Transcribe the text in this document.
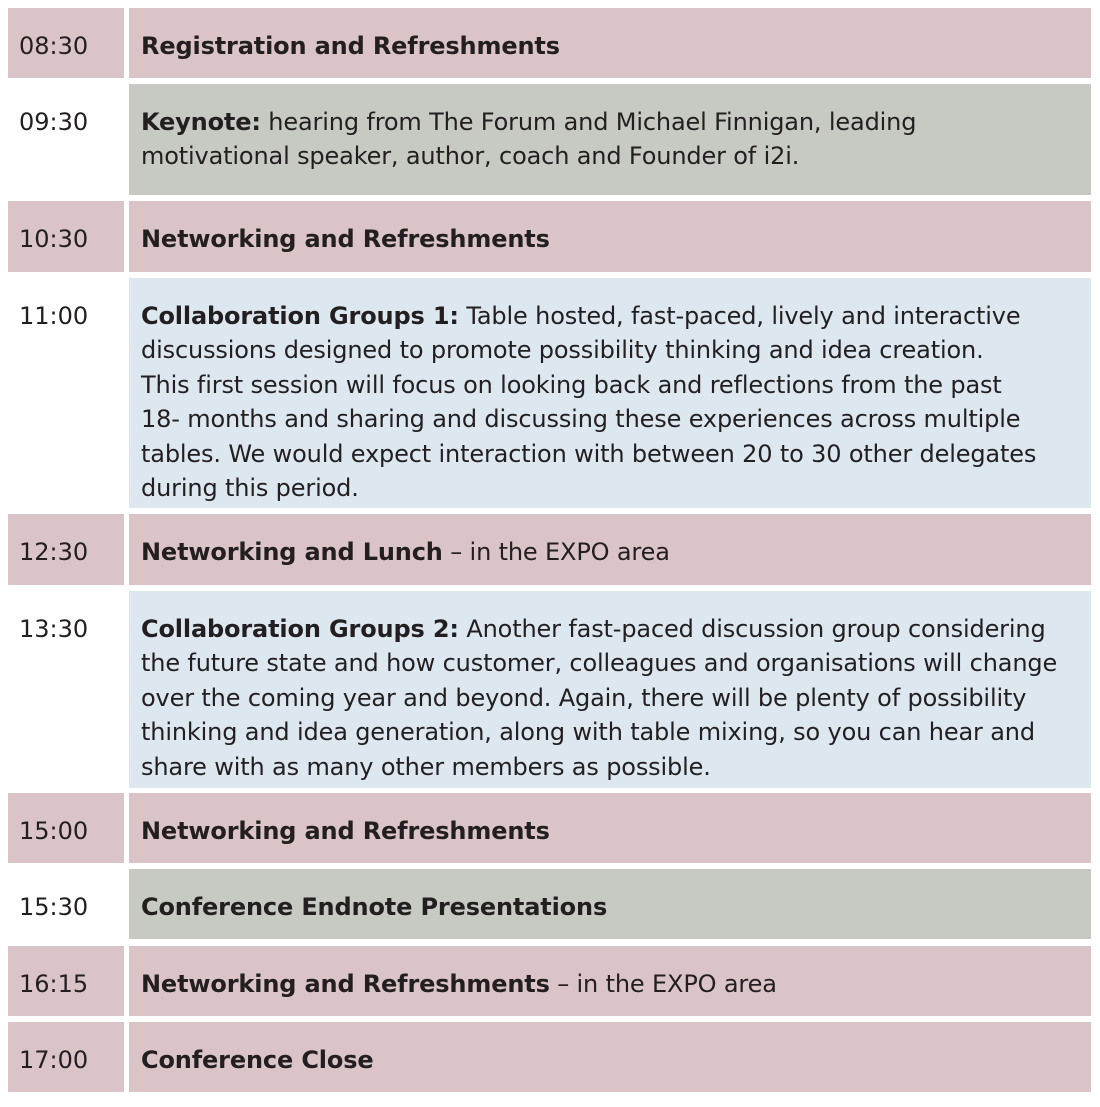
08:30	Registration and Refreshments
09:30	Keynote: hearing from The Forum and Michael Finnigan, leading
motivational speaker, author, coach and Founder of i2i.
10:30	Networking and Refreshments
11:00	Collaboration Groups 1: Table hosted, fast-paced, lively and interactive
discussions designed to promote possibility thinking and idea creation.
This first session will focus on looking back and reflections from the past
18- months and sharing and discussing these experiences across multiple
tables. We would expect interaction with between 20 to 30 other delegates
during this period.
12:30	Networking and Lunch – in the EXPO area
13:30	Collaboration Groups 2: Another fast-paced discussion group considering
the future state and how customer, colleagues and organisations will change
over the coming year and beyond. Again, there will be plenty of possibility
thinking and idea generation, along with table mixing, so you can hear and
share with as many other members as possible.
15:00	Networking and Refreshments
15:30	Conference Endnote Presentations
16:15	Networking and Refreshments – in the EXPO area
17:00	Conference Close
